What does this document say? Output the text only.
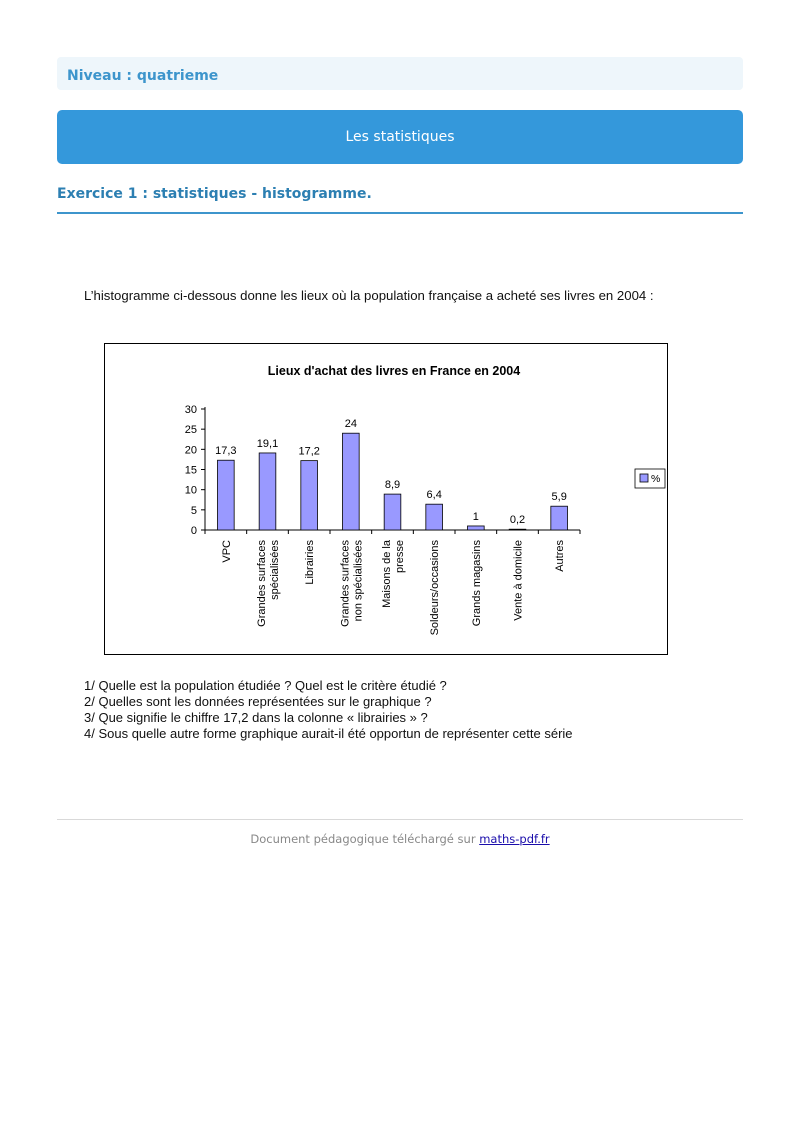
Niveau : quatrieme
Les statistiques
Exercice 1 : statistiques - histogramme.
L’histogramme ci-dessous donne les lieux où la population française a acheté ses livres en 2004 :
Lieux d'achat des livres en France en 2004
0
5
10
15
20
25
30
17,3
VPC
19,1
Grandes surfaces spécialisées
17,2
Librairies
24
Grandes surfaces non spécialisées
8,9
Maisons de la presse
6,4
Soldeurs/occasions
1
Grands magasins
0,2
Vente à domicile
5,9
Autres
%
1/ Quelle est la population étudiée ? Quel est le critère étudié ?
2/ Quelles sont les données représentées sur le graphique ?
3/ Que signifie le chiffre 17,2 dans la colonne « librairies » ?
4/ Sous quelle autre forme graphique aurait-il été opportun de représenter cette série
Document pédagogique téléchargé sur maths-pdf.fr
